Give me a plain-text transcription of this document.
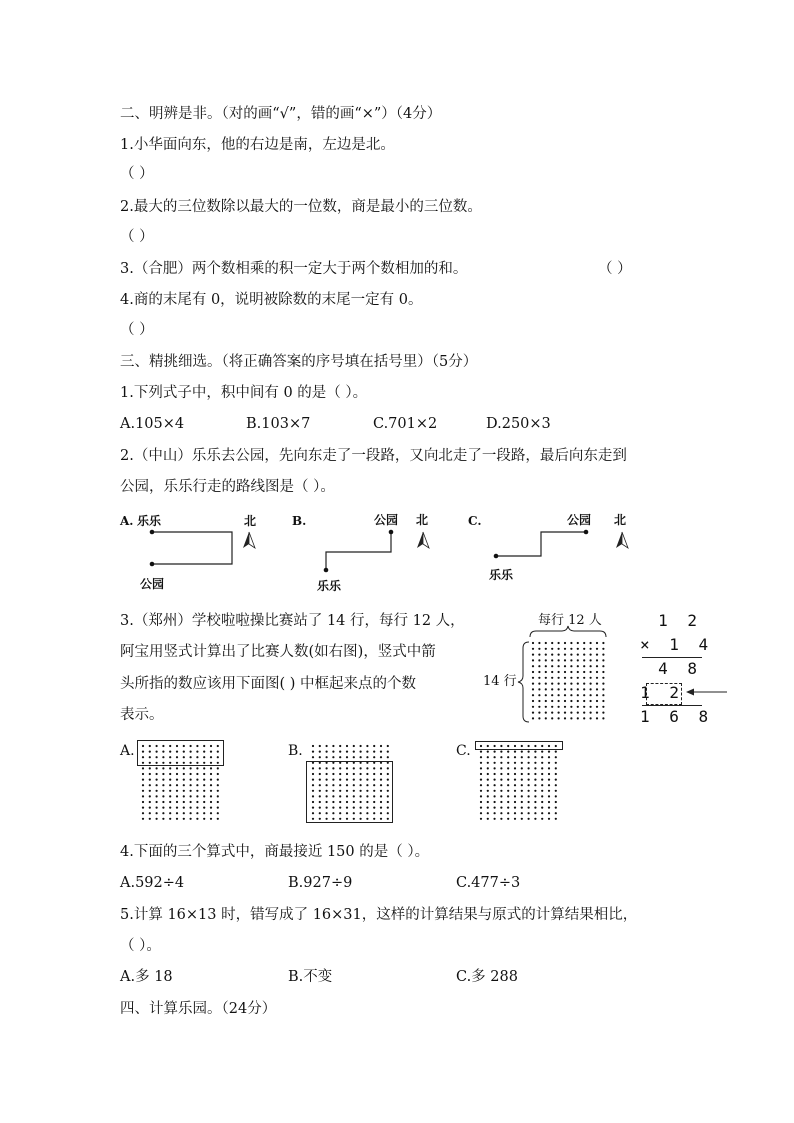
二、明辨是非。（对的画“√”，错的画“×”）（4分）
1.小华面向东，他的右边是南，左边是北。
（ ）
2.最大的三位数除以最大的一位数，商是最小的三位数。
（ ）
3.（合肥）两个数相乘的积一定大于两个数相加的和。	（ ）
4.商的末尾有 0，说明被除数的末尾一定有 0。
（ ）
三、精挑细选。（将正确答案的序号填在括号里）（5分）
1.下列式子中，积中间有 0 的是（ ）。
A.105×4	B.103×7	C.701×2	D.250×3
2.（中山）乐乐去公园，先向东走了一段路，又向北走了一段路，最后向东走到
公园，乐乐行走的路线图是（ ）。
A. 乐乐	北
公园
B.	公园 北
乐乐
C.	公园 北
乐乐
3.（郑州）学校啦啦操比赛站了 14 行，每行 12 人，
阿宝用竖式计算出了比赛人数(如右图)，竖式中箭
头所指的数应该用下面图( ) 中框起来点的个数
表示。
每行 12 人
14 行
1 2
× 1 4
4 8
1 2
1 6 8
A.	B.	C.
4.下面的三个算式中，商最接近 150 的是（ ）。
A.592÷4	B.927÷9	C.477÷3
5.计算 16×13 时，错写成了 16×31，这样的计算结果与原式的计算结果相比，
（ ）。
A.多 18	B.不变	C.多 288
四、计算乐园。（24分）
